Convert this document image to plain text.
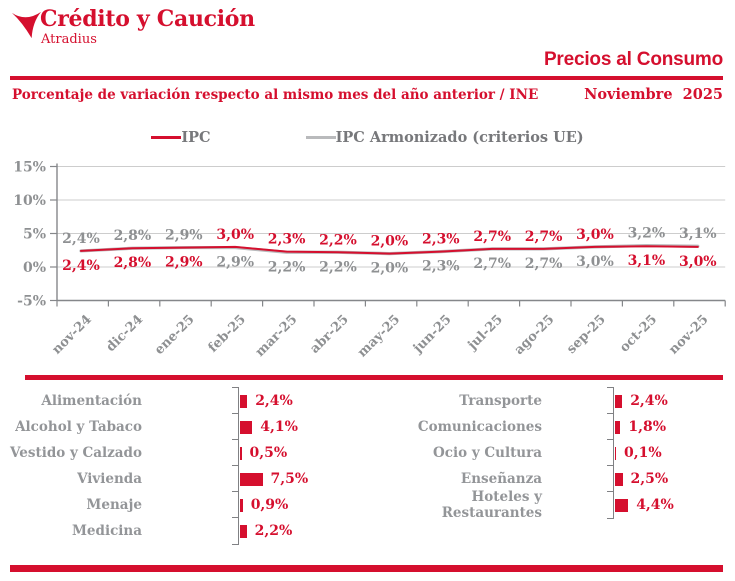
Crédito y Caución
Atradius
Precios al Consumo
Porcentaje de variación respecto al mismo mes del año anterior / INE	Noviembre  2025
IPC	IPC Armonizado (criterios UE)
15%
10%
5%
0%
-5%
nov-24 dic-24 ene-25 feb-25 mar-25 abr-25 may-25 jun-25 jul-25 ago-25 sep-25 oct-25 nov-25
2,4%
2,4%
2,8%
2,8%
2,9%
2,9%
3,0%
2,9%
2,3%
2,2%
2,2%
2,2%
2,0%
2,0%
2,3%
2,3%
2,7%
2,7%
2,7%
2,7%
3,0%
3,0%
3,2%
3,1%
3,1%
3,0%
Alimentación	2,4%
Alcohol y Tabaco	4,1%
Vestido y Calzado	0,5%
Vivienda	7,5%
Menaje	0,9%
Medicina	2,2%
Transporte	2,4%
Comunicaciones	1,8%
Ocio y Cultura	0,1%
Enseñanza	2,5%
Hoteles y Restaurantes	4,4%
